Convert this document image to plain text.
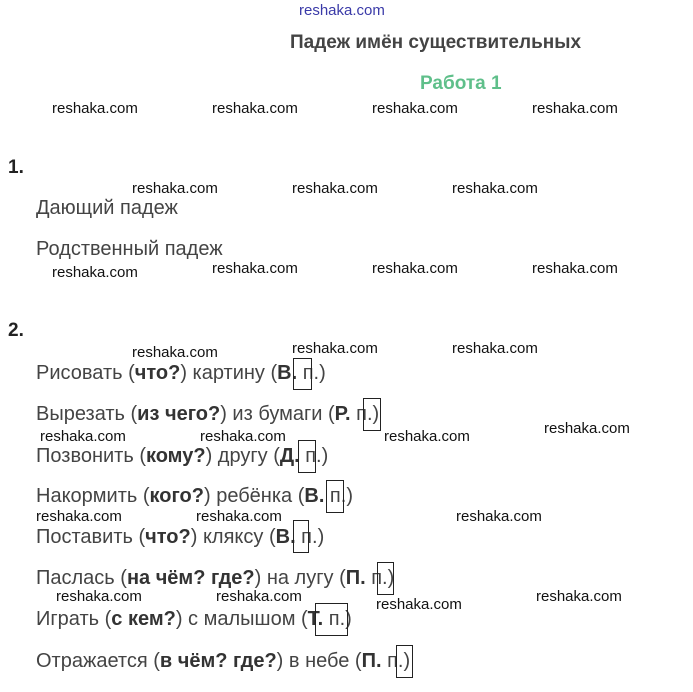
reshaka.com
Падеж имён существительных
Работа 1
reshaka.com	reshaka.com	reshaka.com	reshaka.com
reshaka.com	reshaka.com	reshaka.com
reshaka.com	reshaka.com	reshaka.com	reshaka.com
reshaka.com	reshaka.com	reshaka.com
reshaka.com	reshaka.com	reshaka.com	reshaka.com
reshaka.com	reshaka.com	reshaka.com
reshaka.com	reshaka.com	reshaka.com	reshaka.com
1.
Дающий падеж
Родственный падеж
2.
Рисовать (что?) картину (В. п.)
Вырезать (из чего?) из бумаги (Р. п.)
Позвонить (кому?) другу (Д. п.)
Накормить (кого?) ребёнка (В. п.)
Поставить (что?) кляксу (В. п.)
Паслась (на чём? где?) на лугу (П. п.)
Играть (с кем?) с малышом (Т. п.)
Отражается (в чём? где?) в небе (П. п.)
